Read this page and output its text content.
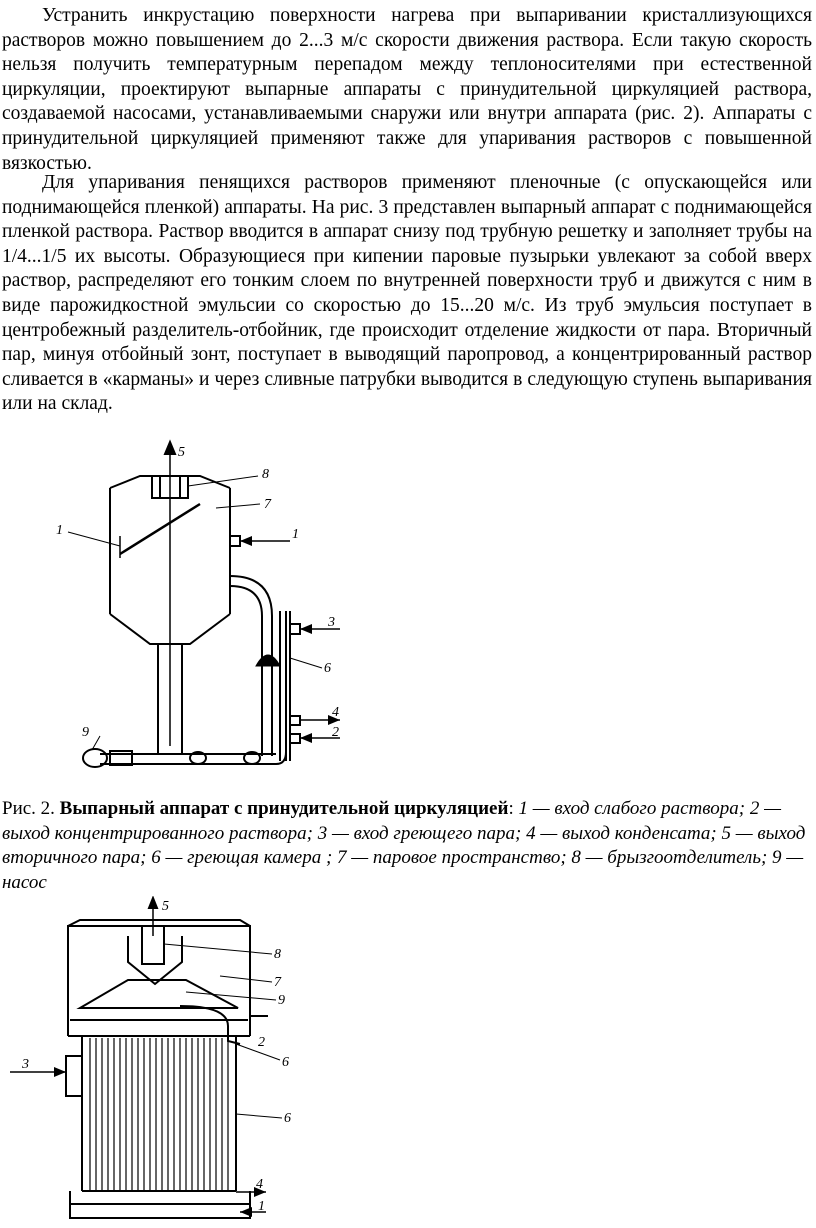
Устранить инкрустацию поверхности нагрева при выпаривании кристаллизующихся растворов можно повышением до 2...3 м/с скорости движения раствора. Если такую скорость нельзя получить температурным перепадом между теплоносителями при естественной циркуляции, проектируют выпарные аппараты с принудительной циркуляцией раствора, создаваемой насосами, устанавливаемыми снаружи или внутри аппарата (рис. 2). Аппараты с принудительной циркуляцией применяют также для упаривания растворов с повышенной вязкостью.

Для упаривания пенящихся растворов применяют пленочные (с опускающейся или поднимающейся пленкой) аппараты. На рис. 3 представлен выпарный аппарат с поднимающейся пленкой раствора. Раствор вводится в аппарат снизу под трубную решетку и заполняет трубы на 1/4...1/5 их высоты. Образующиеся при кипении паровые пузырьки увлекают за собой вверх раствор, распределяют его тонким слоем по внутренней поверхности труб и движутся с ним в виде парожидкостной эмульсии со скоростью до 15...20 м/с. Из труб эмульсия поступает в центробежный разделитель-отбойник, где происходит отделение жидкости от пара. Вторичный пар, минуя отбойный зонт, поступает в выводящий паропровод, а концентрированный раствор сливается в «карманы» и через сливные патрубки выводится в следующую ступень выпаривания или на склад.

5
8
7
1	1
3
6
4
2
9

Рис. 2. Выпарный аппарат с принудительной циркуляцией: 1 — вход слабого раствора; 2 — выход концентрированного раствора; 3 — вход греющего пара; 4 — выход конденсата; 5 — выход вторичного пара; 6 — греющая камера ; 7 — паровое пространство; 8 — брызгоотделитель; 9 — насос

5
8
7
9
2
6
3
6
4
1
